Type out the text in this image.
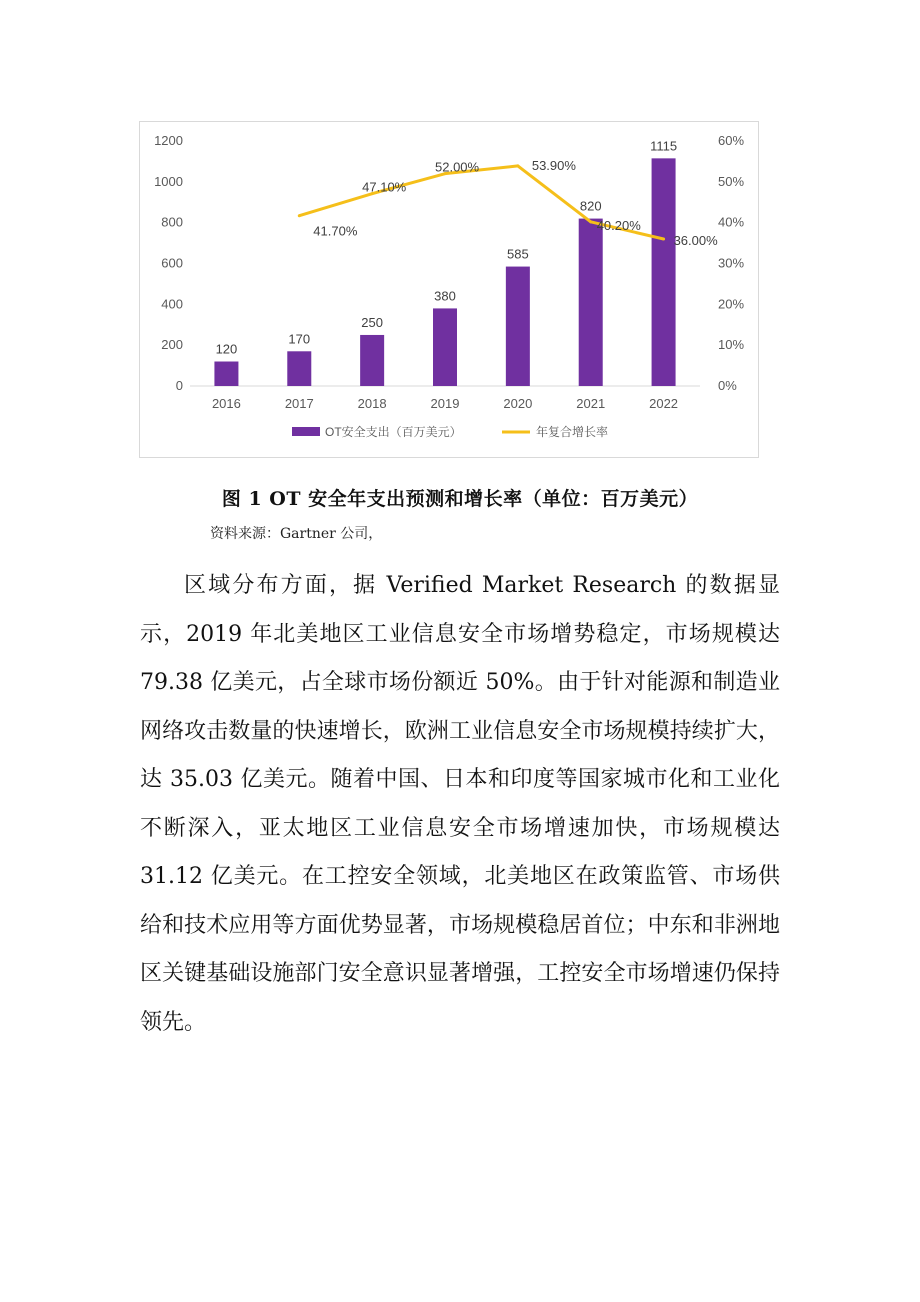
0
200
400
600
800
1000
1200
0%
10%
20%
30%
40%
50%
60%
120
170
250
380
585
820
1115
2016	2017	2018	2019	2020	2021	2022
41.70%
47.10%
52.00%	53.90%
40.20%
36.00%
OT安全支出（百万美元）	年复合增长率
图 1 OT 安全年支出预测和增长率（单位：百万美元）
资料来源：Gartner 公司，

区域分布方面，据 Verified Market Research 的数据显示，2019 年北美地区工业信息安全市场增势稳定，市场规模达 79.38 亿美元，占全球市场份额近 50%。由于针对能源和制造业网络攻击数量的快速增长，欧洲工业信息安全市场规模持续扩大，达 35.03 亿美元。随着中国、日本和印度等国家城市化和工业化不断深入，亚太地区工业信息安全市场增速加快，市场规模达 31.12 亿美元。在工控安全领域，北美地区在政策监管、市场供给和技术应用等方面优势显著，市场规模稳居首位；中东和非洲地区关键基础设施部门安全意识显著增强，工控安全市场增速仍保持领先。
